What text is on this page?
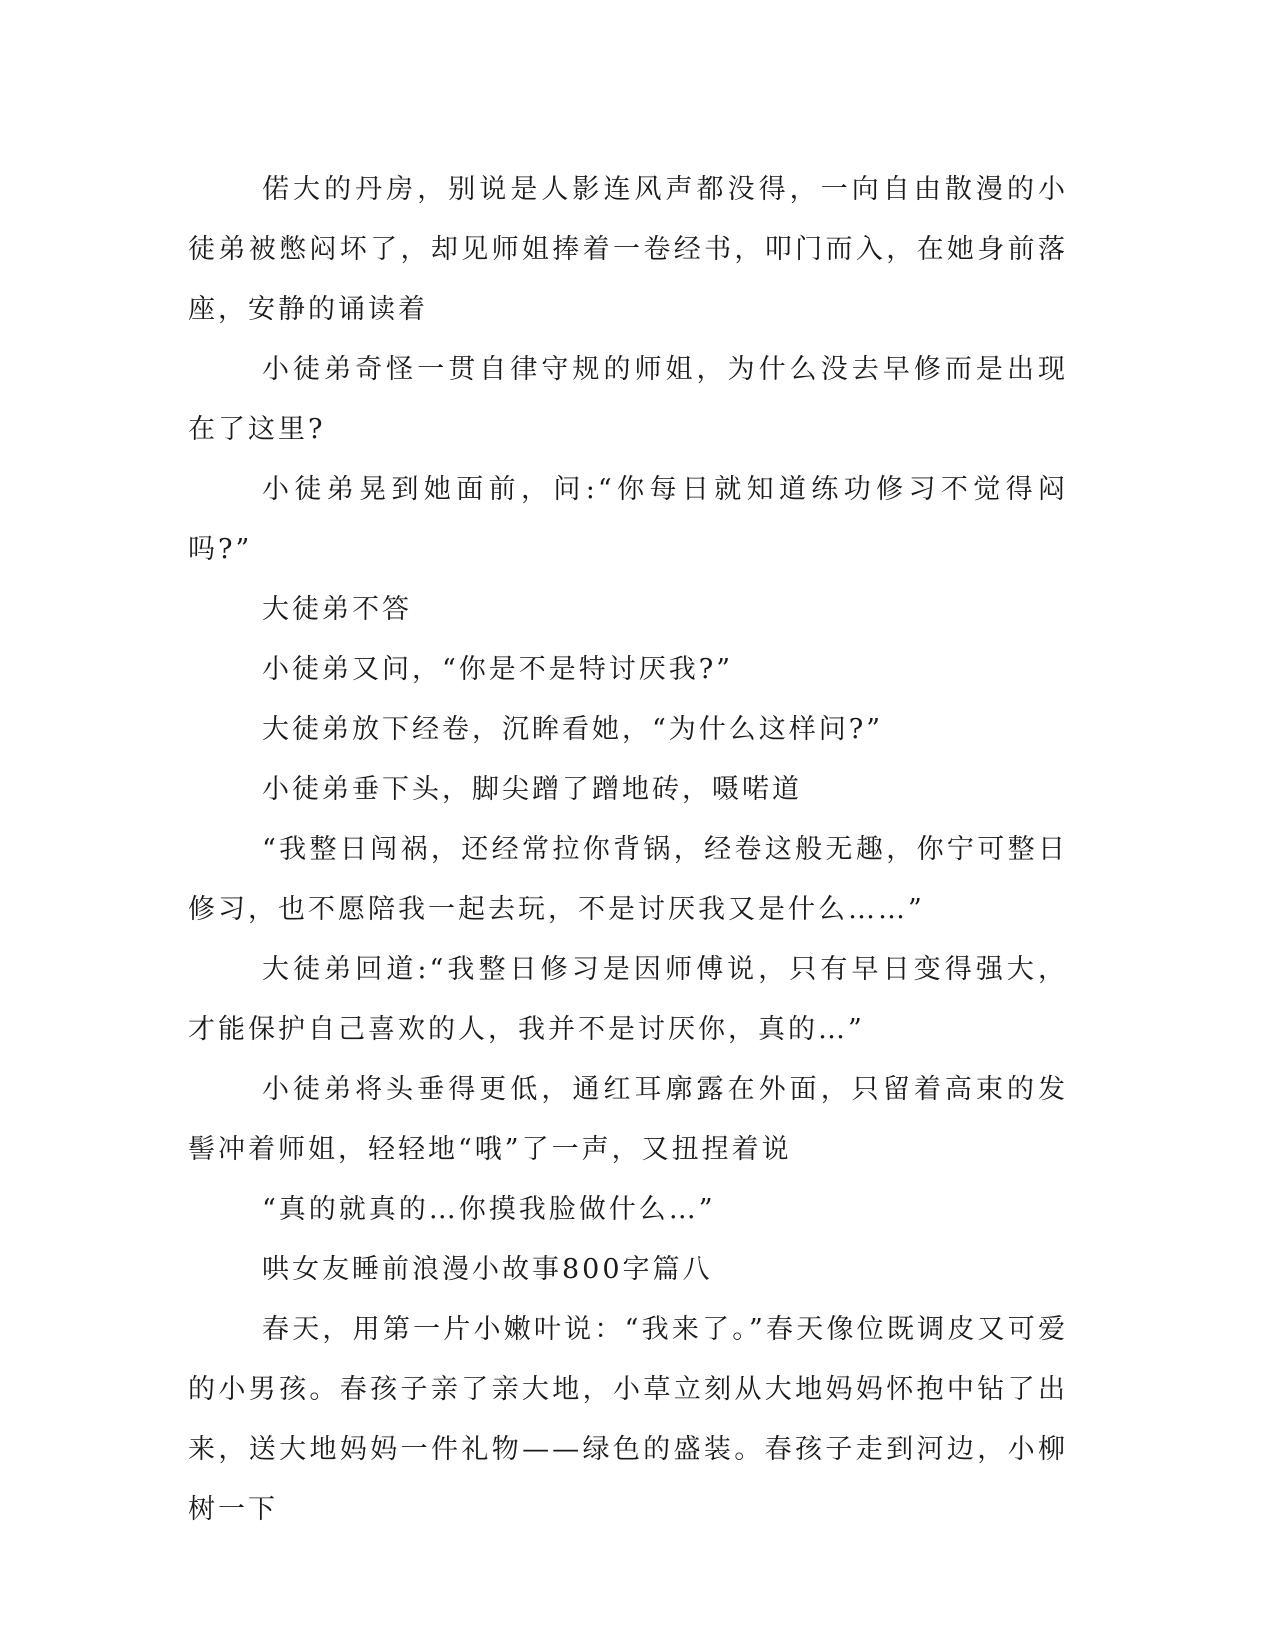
偌大的丹房，别说是人影连风声都没得，一向自由散漫的小徒弟被憋闷坏了，却见师姐捧着一卷经书，叩门而入，在她身前落座，安静的诵读着

小徒弟奇怪一贯自律守规的师姐，为什么没去早修而是出现在了这里?

小徒弟晃到她面前，问:“你每日就知道练功修习不觉得闷吗?”

大徒弟不答

小徒弟又问，“你是不是特讨厌我?”

大徒弟放下经卷，沉眸看她，“为什么这样问?”

小徒弟垂下头，脚尖蹭了蹭地砖，嗫喏道

“我整日闯祸，还经常拉你背锅，经卷这般无趣，你宁可整日修习，也不愿陪我一起去玩，不是讨厌我又是什么……”

大徒弟回道:“我整日修习是因师傅说，只有早日变得强大，才能保护自己喜欢的人，我并不是讨厌你，真的…”

小徒弟将头垂得更低，通红耳廓露在外面，只留着高束的发髻冲着师姐，轻轻地“哦”了一声，又扭捏着说

“真的就真的…你摸我脸做什么…”

哄女友睡前浪漫小故事800字篇八

春天，用第一片小嫩叶说：“我来了。”春天像位既调皮又可爱的小男孩。春孩子亲了亲大地，小草立刻从大地妈妈怀抱中钻了出来，送大地妈妈一件礼物——绿色的盛装。春孩子走到河边，小柳树一下
